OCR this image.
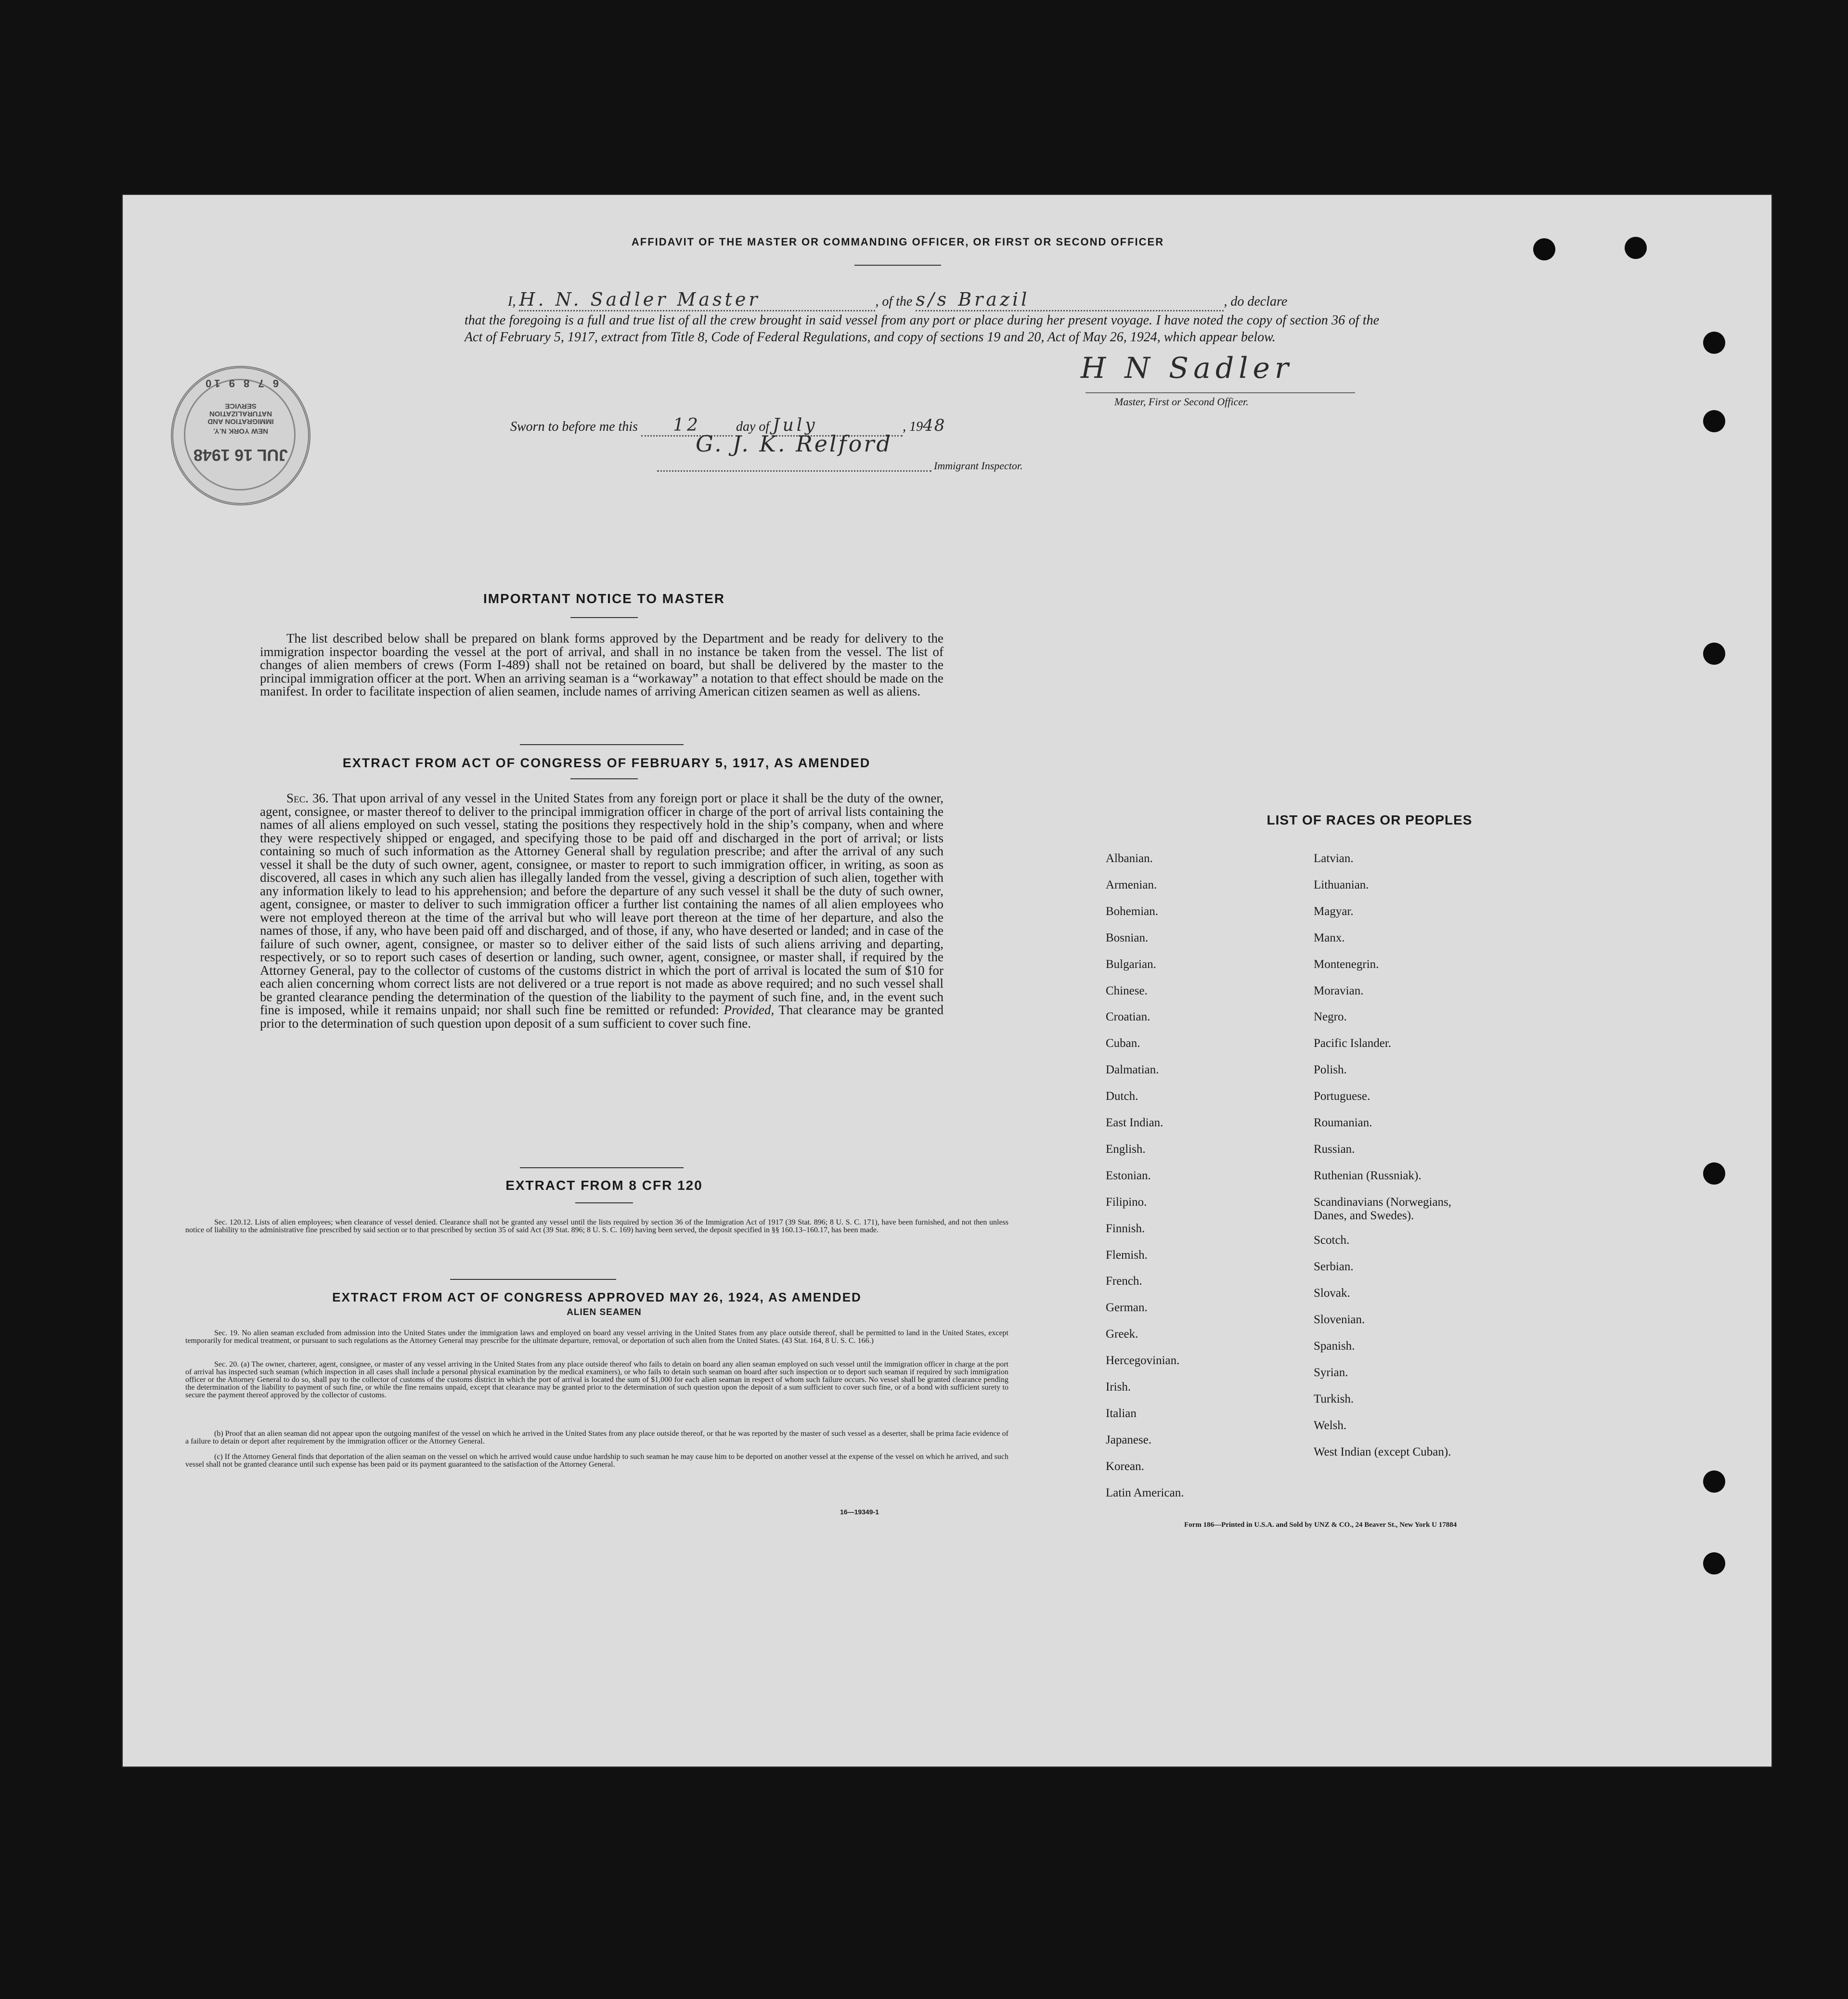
AFFIDAVIT OF THE MASTER OR COMMANDING OFFICER, OR FIRST OR SECOND OFFICER
I, H. N. Sadler Master	, of the s/s Brazil	, do declare
that the foregoing is a full and true list of all the crew brought in said vessel from any port or place during her present voyage. I have noted the copy of section 36 of the Act of February 5, 1917, extract from Title 8, Code of Federal Regulations, and copy of sections 19 and 20, Act of May 26, 1924, which appear below.
H N Sadler
Master, First or Second Officer.
Sworn to before me this 12	day of July	, 1948
G. J. K. Relford
Immigrant Inspector.
IMPORTANT NOTICE TO MASTER
The list described below shall be prepared on blank forms approved by the Department and be ready for delivery to the immigration inspector boarding the vessel at the port of arrival, and shall in no instance be taken from the vessel. The list of changes of alien members of crews (Form I-489) shall not be retained on board, but shall be delivered by the master to the principal immigration officer at the port. When an arriving seaman is a “workaway” a notation to that effect should be made on the manifest. In order to facilitate inspection of alien seamen, include names of arriving American citizen seamen as well as aliens.
EXTRACT FROM ACT OF CONGRESS OF FEBRUARY 5, 1917, AS AMENDED
Sec. 36. That upon arrival of any vessel in the United States from any foreign port or place it shall be the duty of the owner, agent, consignee, or master thereof to deliver to the principal immigration officer in charge of the port of arrival lists containing the names of all aliens employed on such vessel, stating the positions they respectively hold in the ship’s company, when and where they were respectively shipped or engaged, and specifying those to be paid off and discharged in the port of arrival; or lists containing so much of such information as the Attorney General shall by regulation prescribe; and after the arrival of any such vessel it shall be the duty of such owner, agent, consignee, or master to report to such immigration officer, in writing, as soon as discovered, all cases in which any such alien has illegally landed from the vessel, giving a description of such alien, together with any information likely to lead to his apprehension; and before the departure of any such vessel it shall be the duty of such owner, agent, consignee, or master to deliver to such immigration officer a further list containing the names of all alien employees who were not employed thereon at the time of the arrival but who will leave port thereon at the time of her departure, and also the names of those, if any, who have been paid off and discharged, and of those, if any, who have deserted or landed; and in case of the failure of such owner, agent, consignee, or master so to deliver either of the said lists of such aliens arriving and departing, respectively, or so to report such cases of desertion or landing, such owner, agent, consignee, or master shall, if required by the Attorney General, pay to the collector of customs of the customs district in which the port of arrival is located the sum of $10 for each alien concerning whom correct lists are not delivered or a true report is not made as above required; and no such vessel shall be granted clearance pending the determination of the question of the liability to the payment of such fine, and, in the event such fine is imposed, while it remains unpaid; nor shall such fine be remitted or refunded: Provided, That clearance may be granted prior to the determination of such question upon deposit of a sum sufficient to cover such fine.
EXTRACT FROM 8 CFR 120
Sec. 120.12. Lists of alien employees; when clearance of vessel denied. Clearance shall not be granted any vessel until the lists required by section 36 of the Immigration Act of 1917 (39 Stat. 896; 8 U. S. C. 171), have been furnished, and not then unless notice of liability to the administrative fine prescribed by said section or to that prescribed by section 35 of said Act (39 Stat. 896; 8 U. S. C. 169) having been served, the deposit specified in §§ 160.13–160.17, has been made.
EXTRACT FROM ACT OF CONGRESS APPROVED MAY 26, 1924, AS AMENDED
ALIEN SEAMEN
Sec. 19. No alien seaman excluded from admission into the United States under the immigration laws and employed on board any vessel arriving in the United States from any place outside thereof, shall be permitted to land in the United States, except temporarily for medical treatment, or pursuant to such regulations as the Attorney General may prescribe for the ultimate departure, removal, or deportation of such alien from the United States. (43 Stat. 164, 8 U. S. C. 166.)
Sec. 20. (a) The owner, charterer, agent, consignee, or master of any vessel arriving in the United States from any place outside thereof who fails to detain on board any alien seaman employed on such vessel until the immigration officer in charge at the port of arrival has inspected such seaman (which inspection in all cases shall include a personal physical examination by the medical examiners), or who fails to detain such seaman on board after such inspection or to deport such seaman if required by such immigration officer or the Attorney General to do so, shall pay to the collector of customs of the customs district in which the port of arrival is located the sum of $1,000 for each alien seaman in respect of whom such failure occurs. No vessel shall be granted clearance pending the determination of the liability to payment of such fine, or while the fine remains unpaid, except that clearance may be granted prior to the determination of such question upon the deposit of a sum sufficient to cover such fine, or of a bond with sufficient surety to secure the payment thereof approved by the collector of customs.
(b) Proof that an alien seaman did not appear upon the outgoing manifest of the vessel on which he arrived in the United States from any place outside thereof, or that he was reported by the master of such vessel as a deserter, shall be prima facie evidence of a failure to detain or deport after requirement by the immigration officer or the Attorney General.
(c) If the Attorney General finds that deportation of the alien seaman on the vessel on which he arrived would cause undue hardship to such seaman he may cause him to be deported on another vessel at the expense of the vessel on which he arrived, and such vessel shall not be granted clearance until such expense has been paid or its payment guaranteed to the satisfaction of the Attorney General.
16—19349-1
LIST OF RACES OR PEOPLES
Albanian.
Armenian.
Bohemian.
Bosnian.
Bulgarian.
Chinese.
Croatian.
Cuban.
Dalmatian.
Dutch.
East Indian.
English.
Estonian.
Filipino.
Finnish.
Flemish.
French.
German.
Greek.
Hercegovinian.
Irish.
Italian
Japanese.
Korean.
Latin American.
Latvian.
Lithuanian.
Magyar.
Manx.
Montenegrin.
Moravian.
Negro.
Pacific Islander.
Polish.
Portuguese.
Roumanian.
Russian.
Ruthenian (Russniak).
Scandinavians (Norwegians, Danes, and Swedes).
Scotch.
Serbian.
Slovak.
Slovenian.
Spanish.
Syrian.
Turkish.
Welsh.
West Indian (except Cuban).
Form 186—Printed in U.S.A. and Sold by UNZ & CO., 24 Beaver St., New York U 17884
6 7 8 9 10
IMMIGRATION AND NATURALIZATION SERVICE
JUL 16 1948
NEW YORK N.Y.
